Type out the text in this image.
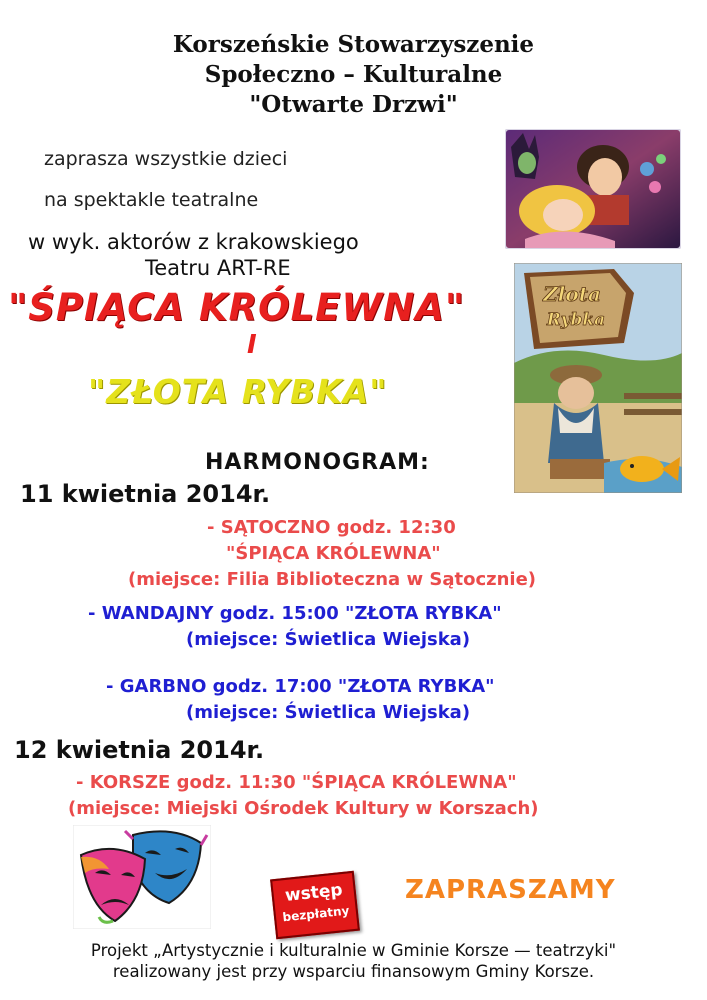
Korszeńskie Stowarzyszenie
Społeczno – Kulturalne
"Otwarte Drzwi"
zaprasza wszystkie dzieci
na spektakle teatralne
w wyk. aktorów z krakowskiego
Teatru ART-RE
"ŚPIĄCA KRÓLEWNA"
I
"ZŁOTA RYBKA"
Złota
Rybka
HARMONOGRAM:
11 kwietnia 2014r.
- SĄTOCZNO godz. 12:30
"ŚPIĄCA KRÓLEWNA"
(miejsce: Filia Biblioteczna w Sątocznie)
- WANDAJNY godz. 15:00 "ZŁOTA RYBKA"
(miejsce: Świetlica Wiejska)
- GARBNO godz. 17:00 "ZŁOTA RYBKA"
(miejsce: Świetlica Wiejska)
12 kwietnia 2014r.
- KORSZE godz. 11:30 "ŚPIĄCA KRÓLEWNA"
(miejsce: Miejski Ośrodek Kultury w Korszach)
wstęp
bezpłatny
ZAPRASZAMY
Projekt „Artystycznie i kulturalnie w Gminie Korsze — teatrzyki"
realizowany jest przy wsparciu finansowym Gminy Korsze.
